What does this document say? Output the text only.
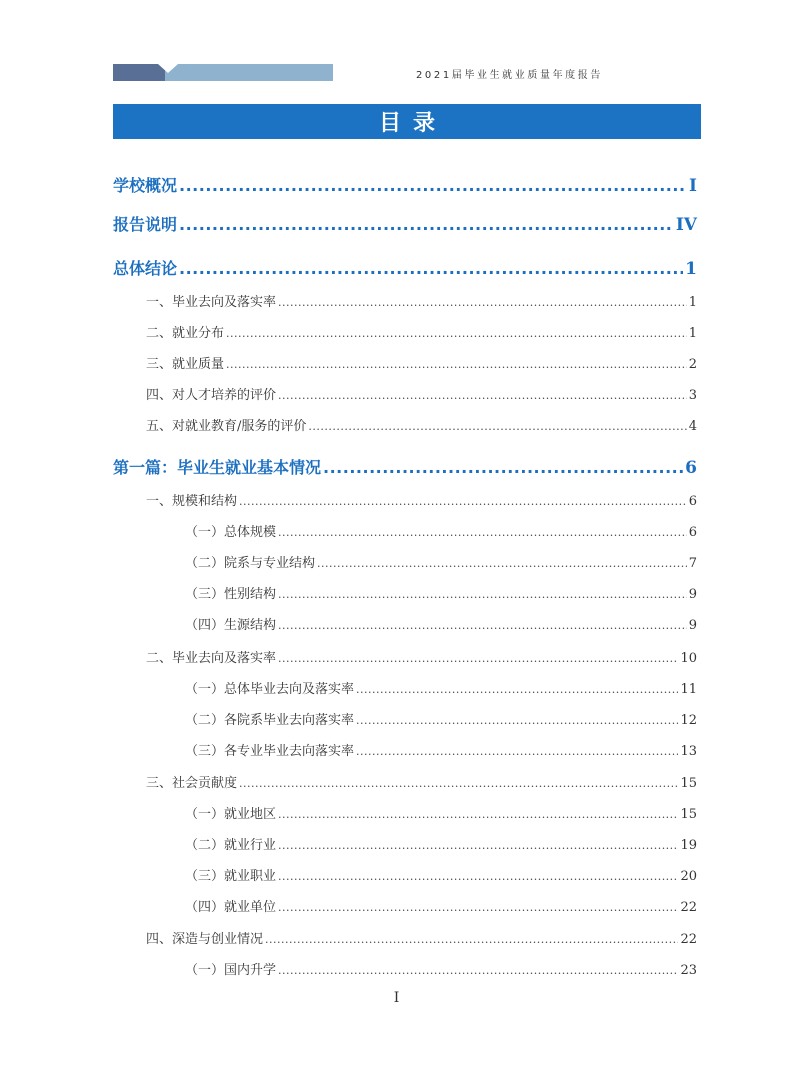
2021届毕业生就业质量年度报告
目录
学校概况 .....	I
报告说明 .....	IV
总体结论 .....	1
一、毕业去向及落实率 .....	1
二、就业分布 .....	1
三、就业质量 .....	2
四、对人才培养的评价 .....	3
五、对就业教育/服务的评价 .....	4
第一篇：毕业生就业基本情况 .....	6
一、规模和结构 .....	6
（一）总体规模 .....	6
（二）院系与专业结构 .....	7
（三）性别结构 .....	9
（四）生源结构 .....	9
二、毕业去向及落实率 .....	10
（一）总体毕业去向及落实率 .....	11
（二）各院系毕业去向落实率 .....	12
（三）各专业毕业去向落实率 .....	13
三、社会贡献度 .....	15
（一）就业地区 .....	15
（二）就业行业 .....	19
（三）就业职业 .....	20
（四）就业单位 .....	22
四、深造与创业情况 .....	22
（一）国内升学 .....	23
I
